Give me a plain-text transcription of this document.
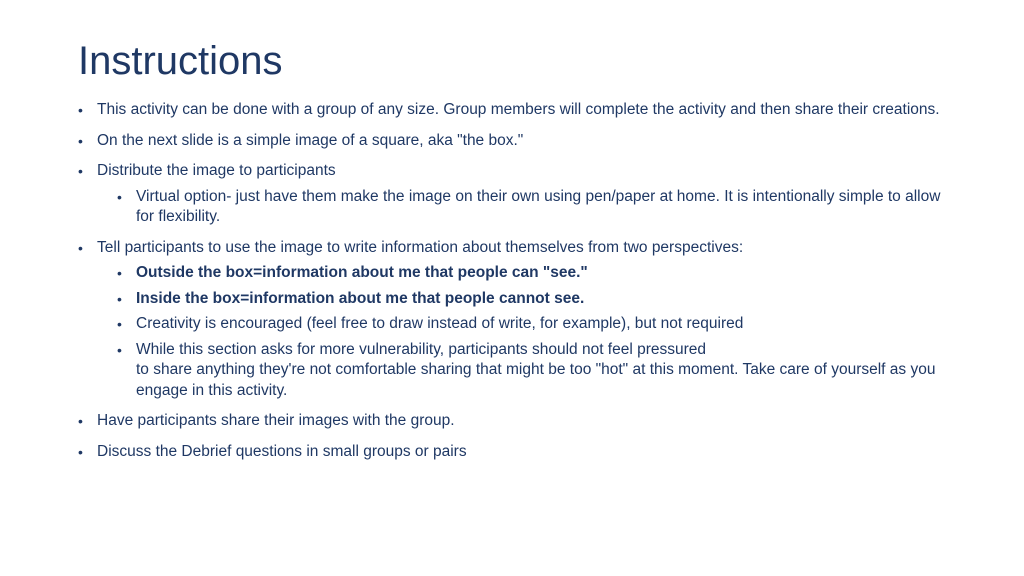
Instructions
• This activity can be done with a group of any size. Group members will complete the activity and then share their creations.
• On the next slide is a simple image of a square, aka "the box."
• Distribute the image to participants
• Virtual option- just have them make the image on their own using pen/paper at home. It is intentionally simple to allow for flexibility.
• Tell participants to use the image to write information about themselves from two perspectives:
• Outside the box=information about me that people can "see."
• Inside the box=information about me that people cannot see.
• Creativity is encouraged (feel free to draw instead of write, for example), but not required
• While this section asks for more vulnerability, participants should not feel pressured
to share anything they're not comfortable sharing that might be too "hot" at this moment. Take care of yourself as you engage in this activity.
• Have participants share their images with the group.
• Discuss the Debrief questions in small groups or pairs
